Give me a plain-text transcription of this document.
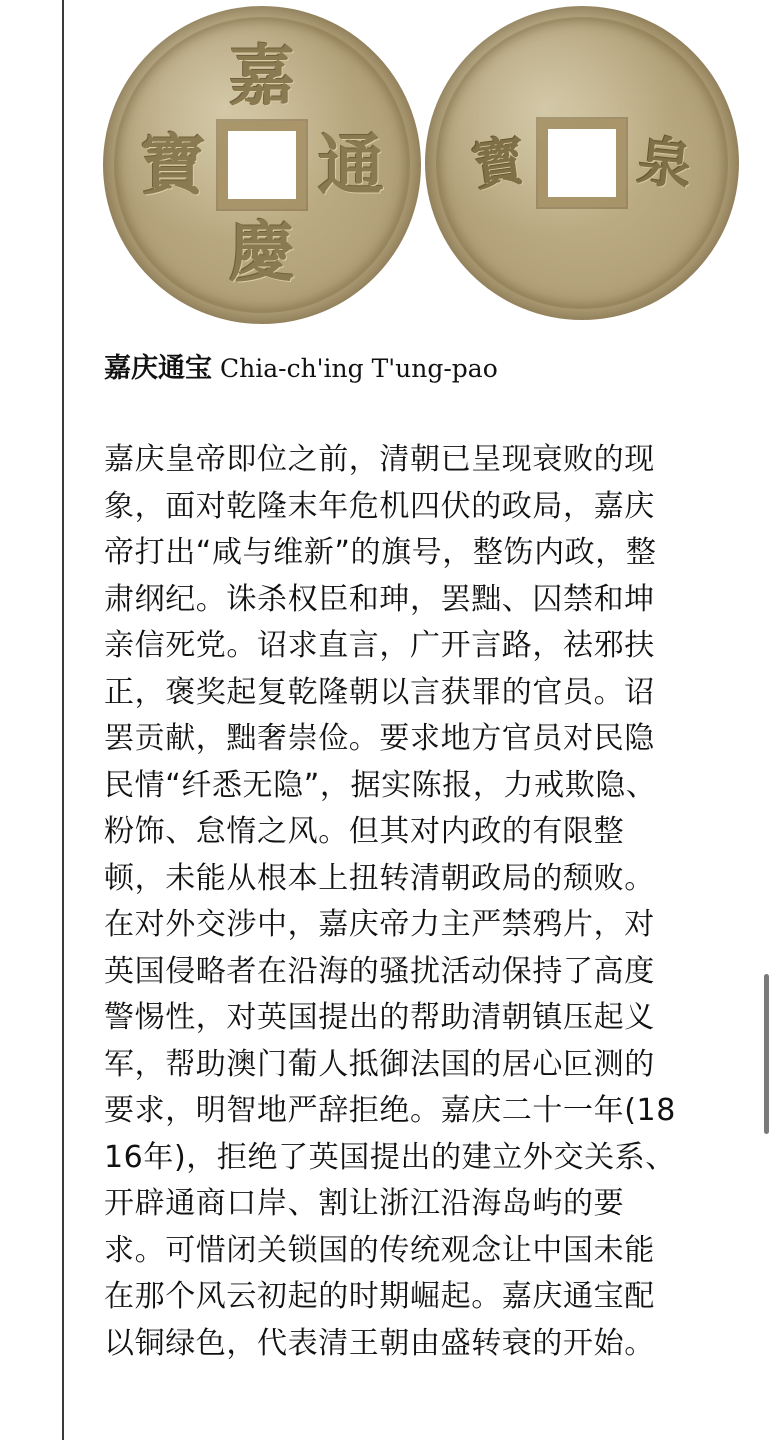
嘉
慶
寶 通 寳 泉
嘉庆通宝 Chia-ch'ing T'ung-pao
嘉庆皇帝即位之前，清朝已呈现衰败的现
象，面对乾隆末年危机四伏的政局，嘉庆
帝打出“咸与维新”的旗号，整饬内政，整
肃纲纪。诛杀权臣和珅，罢黜、囚禁和坤
亲信死党。诏求直言，广开言路，祛邪扶
正，褒奖起复乾隆朝以言获罪的官员。诏
罢贡献，黜奢崇俭。要求地方官员对民隐
民情“纤悉无隐”，据实陈报，力戒欺隐、
粉饰、怠惰之风。但其对内政的有限整
顿，未能从根本上扭转清朝政局的颓败。
在对外交涉中，嘉庆帝力主严禁鸦片，对
英国侵略者在沿海的骚扰活动保持了高度
警惕性，对英国提出的帮助清朝镇压起义
军，帮助澳门葡人抵御法国的居心叵测的
要求，明智地严辞拒绝。嘉庆二十一年(18
16年)，拒绝了英国提出的建立外交关系、
开辟通商口岸、割让浙江沿海岛屿的要
求。可惜闭关锁国的传统观念让中国未能
在那个风云初起的时期崛起。嘉庆通宝配
以铜绿色，代表清王朝由盛转衰的开始。
